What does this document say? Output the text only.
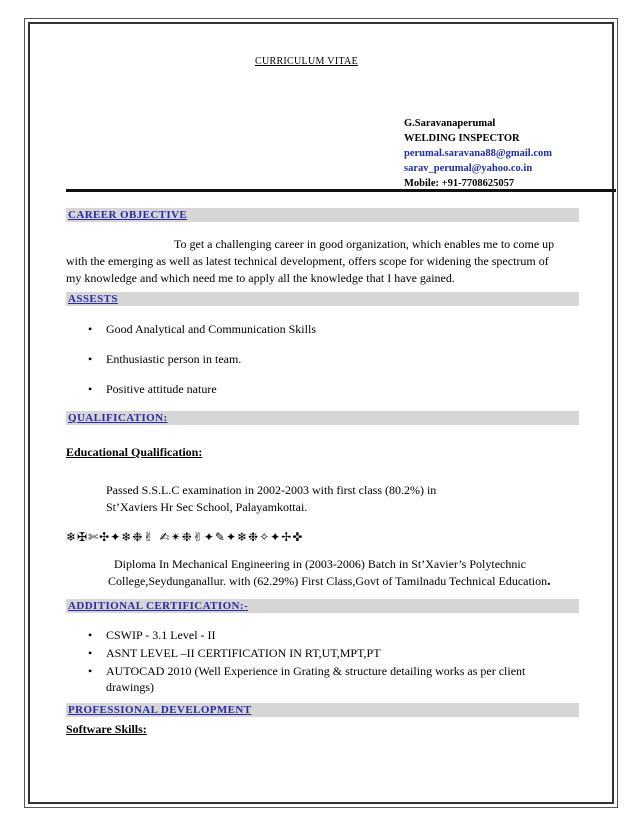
CURRICULUM VITAE
G.Saravanaperumal
WELDING INSPECTOR
perumal.saravana88@gmail.com
sarav_perumal@yahoo.co.in
Mobile: +91-7708625057
CAREER OBJECTIVE
To get a challenging career in good organization, which enables me to come up
with the emerging as well as latest technical development, offers scope for widening the spectrum of
my knowledge and which need me to apply all the knowledge that I have gained.
ASSESTS
• Good Analytical and Communication Skills
• Enthusiastic person in team.
• Positive attitude nature
QUALIFICATION:
Educational Qualification:
Passed S.S.L.C examination in 2002-2003 with first class (80.2%) in
St’Xaviers Hr Sec School, Palayamkottai.
❄✠✄✣✦❄❉✌ ✍✴❉✌✦✎✦❄❉✧✦✢✜
Diploma In Mechanical Engineering in (2003-2006) Batch in St’Xavier’s Polytechnic
College,Seydunganallur. with (62.29%) First Class,Govt of Tamilnadu Technical Education.
ADDITIONAL CERTIFICATION:-
• CSWIP - 3.1 Level - II
• ASNT LEVEL –II CERTIFICATION IN RT,UT,MPT,PT
• AUTOCAD 2010 (Well Experience in Grating & structure detailing works as per client
drawings)
PROFESSIONAL DEVELOPMENT
Software Skills:
